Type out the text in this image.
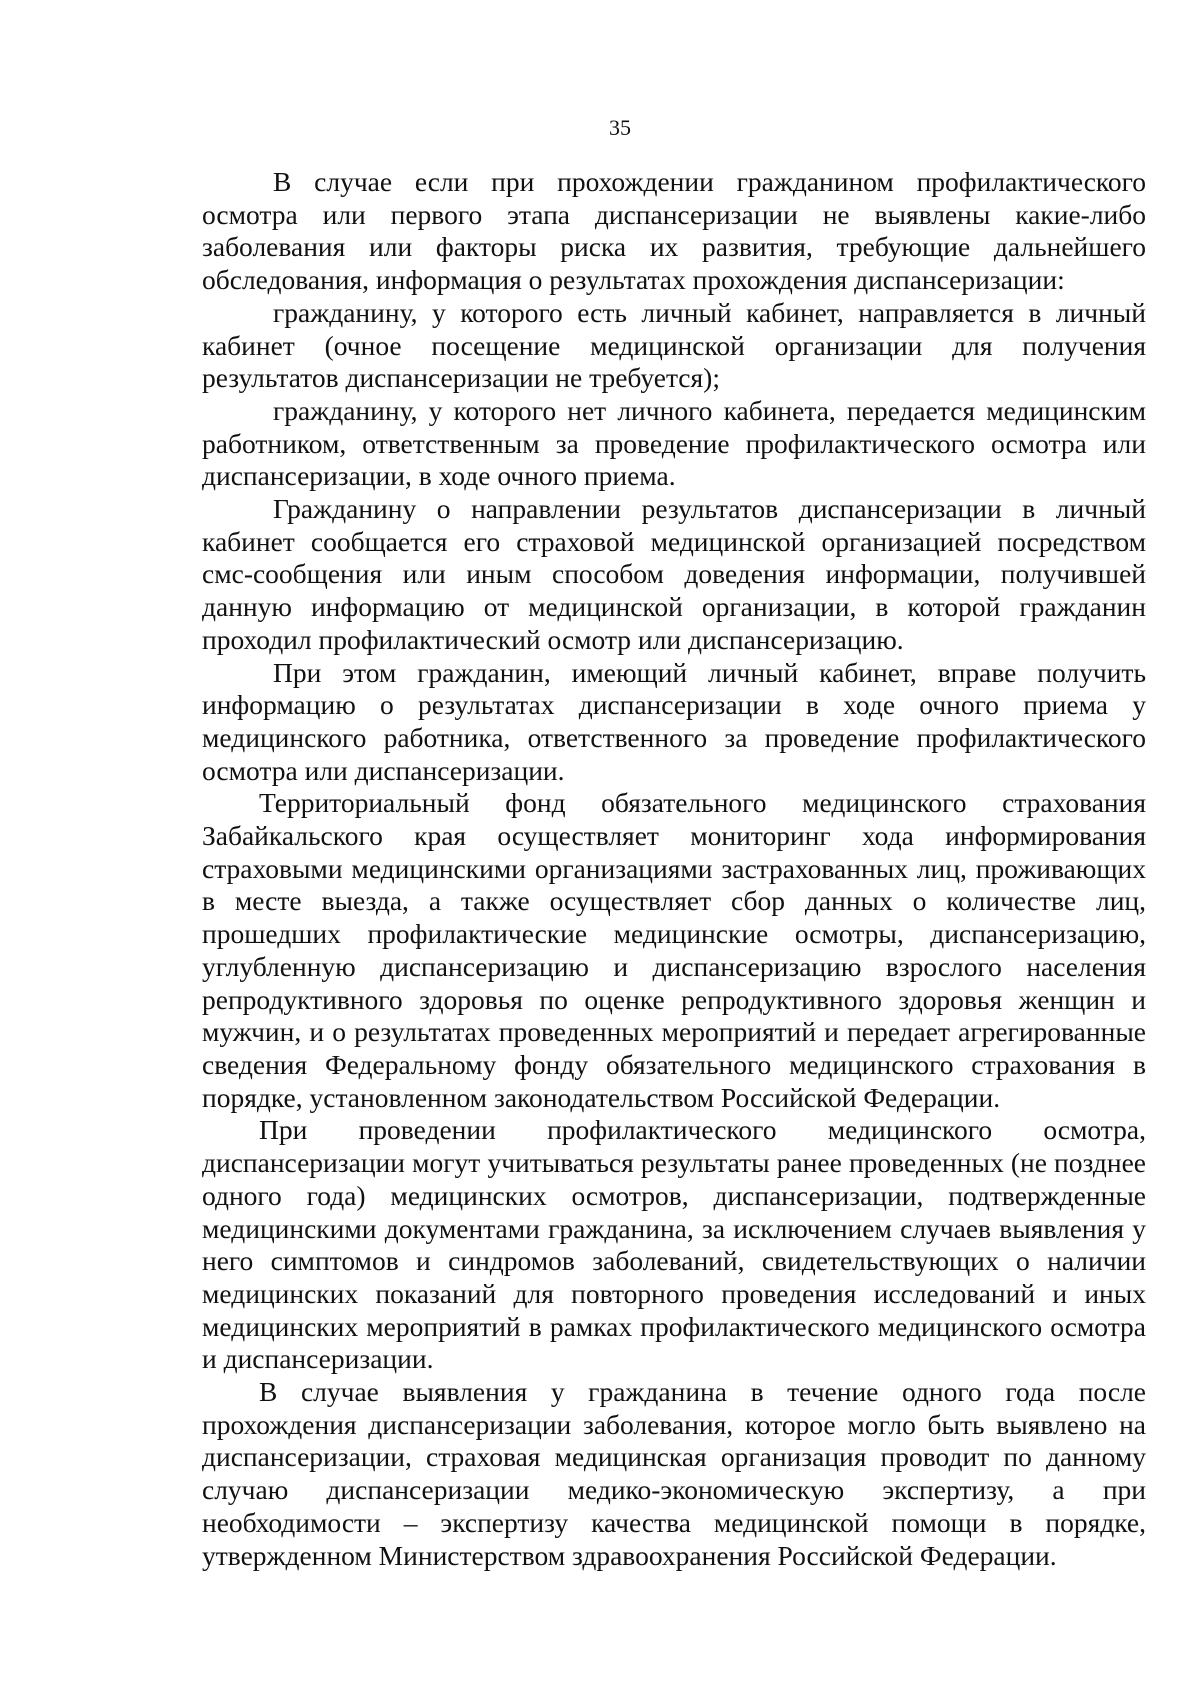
35

В случае если при прохождении гражданином профилактического осмотра или первого этапа диспансеризации не выявлены какие-либо заболевания или факторы риска их развития, требующие дальнейшего обследования, информация о результатах прохождения диспансеризации:

гражданину, у которого есть личный кабинет, направляется в личный кабинет (очное посещение медицинской организации для получения результатов диспансеризации не требуется);

гражданину, у которого нет личного кабинета, передается медицинским работником, ответственным за проведение профилактического осмотра или диспансеризации, в ходе очного приема.

Гражданину о направлении результатов диспансеризации в личный кабинет сообщается его страховой медицинской организацией посредством смс-сообщения или иным способом доведения информации, получившей данную информацию от медицинской организации, в которой гражданин проходил профилактический осмотр или диспансеризацию.

При этом гражданин, имеющий личный кабинет, вправе получить информацию о результатах диспансеризации в ходе очного приема у медицинского работника, ответственного за проведение профилактического осмотра или диспансеризации.

Территориальный фонд обязательного медицинского страхования Забайкальского края осуществляет мониторинг хода информирования страховыми медицинскими организациями застрахованных лиц, проживающих в месте выезда, а также осуществляет сбор данных о количестве лиц, прошедших профилактические медицинские осмотры, диспансеризацию, углубленную диспансеризацию и диспансеризацию взрослого населения репродуктивного здоровья по оценке репродуктивного здоровья женщин и мужчин, и о результатах проведенных мероприятий и передает агрегированные сведения Федеральному фонду обязательного медицинского страхования в порядке, установленном законодательством Российской Федерации.

При проведении профилактического медицинского осмотра, диспансеризации могут учитываться результаты ранее проведенных (не позднее одного года) медицинских осмотров, диспансеризации, подтвержденные медицинскими документами гражданина, за исключением случаев выявления у него симптомов и синдромов заболеваний, свидетельствующих о наличии медицинских показаний для повторного проведения исследований и иных медицинских мероприятий в рамках профилактического медицинского осмотра и диспансеризации.

В случае выявления у гражданина в течение одного года после прохождения диспансеризации заболевания, которое могло быть выявлено на диспансеризации, страховая медицинская организация проводит по данному случаю диспансеризации медико-экономическую экспертизу, а при необходимости – экспертизу качества медицинской помощи в порядке, утвержденном Министерством здравоохранения Российской Федерации.
